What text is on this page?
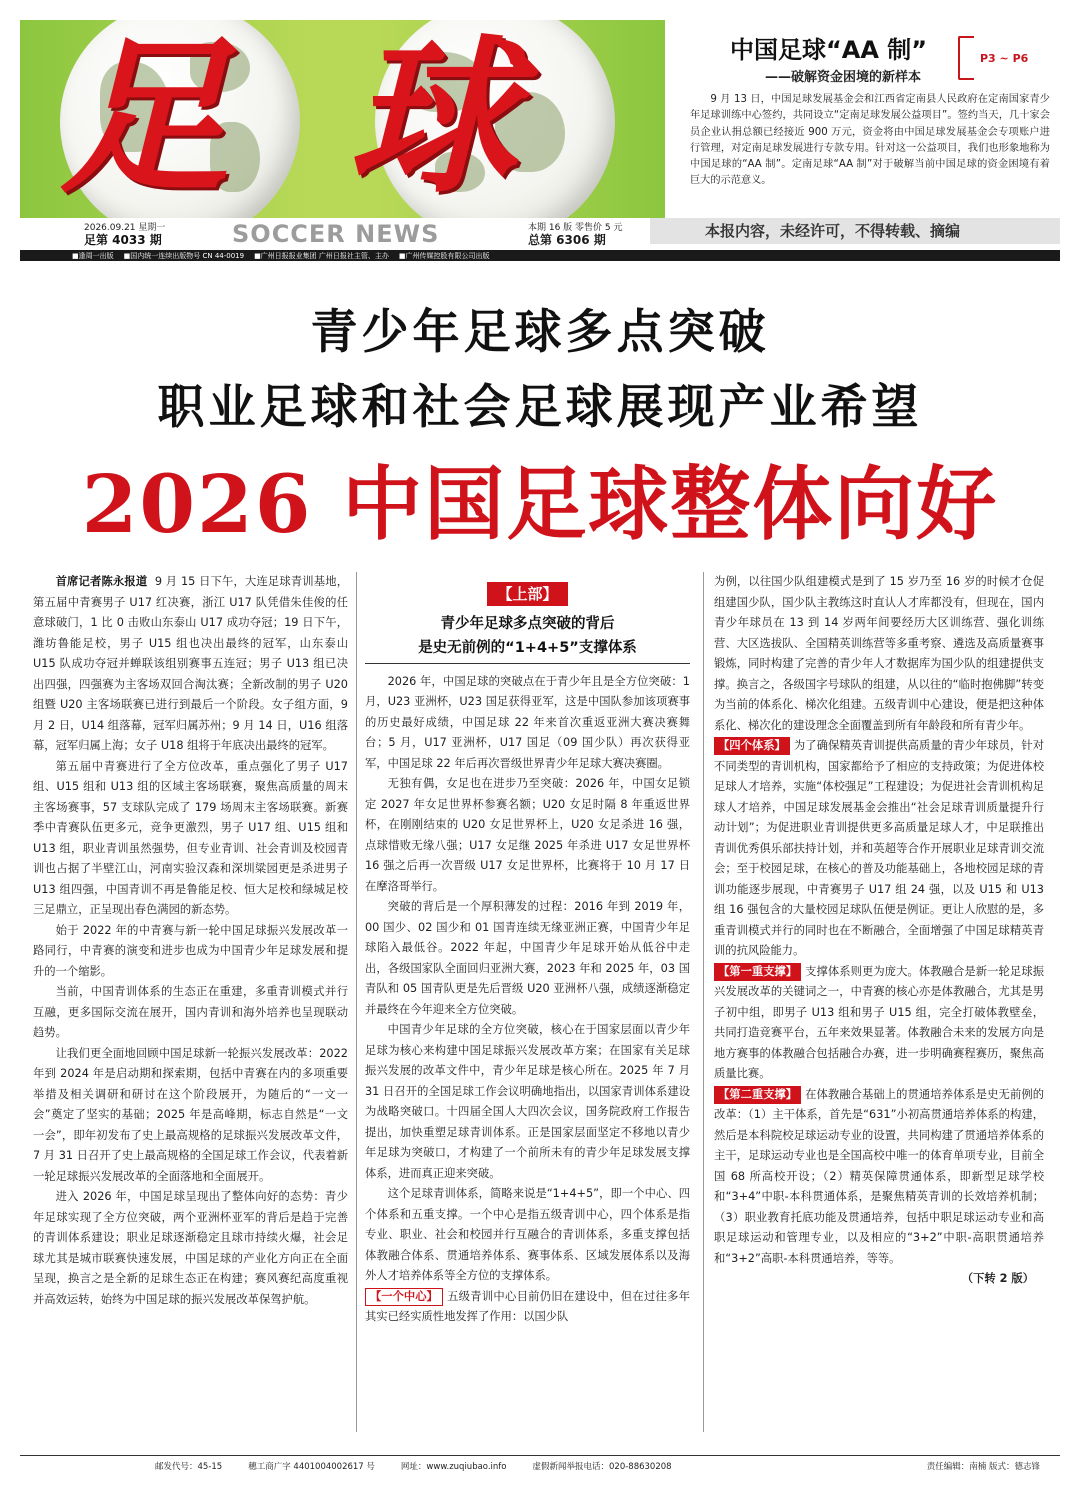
足球	中国足球“AA 制”	P3 ~ P6
——破解资金困境的新样本
9 月 13 日，中国足球发展基金会和江西省定南县人民政府在定南国家青少年足球训练中心签约，共同设立“定南足球发展公益项目”。签约当天，几十家会员企业认捐总额已经接近 900 万元，资金将由中国足球发展基金会专项账户进行管理，对定南足球发展进行专款专用。针对这一公益项目，我们也形象地称为中国足球的“AA 制”。定南足球“AA 制”对于破解当前中国足球的资金困境有着巨大的示范意义。
2026.09.21 星期一
足第 4033 期	SOCCER NEWS	本期 16 版 零售价 5 元
总第 6306 期	本报内容，未经许可，不得转载、摘编
■逢周一出版 ■国内统一连续出版物号 CN 44-0019 ■广州日报报业集团 广州日报社主管、主办 ■广州传媒控股有限公司出版
青少年足球多点突破
职业足球和社会足球展现产业希望
2026 中国足球整体向好

首席记者陈永报道 9 月 15 日下午，大连足球青训基地，第五届中青赛男子 U17 红决赛，浙江 U17 队凭借朱佳俊的任意球破门，1 比 0 击败山东泰山 U17 成功夺冠；19 日下午，潍坊鲁能足校，男子 U15 组也决出最终的冠军，山东泰山 U15 队成功夺冠并蝉联该组别赛事五连冠；男子 U13 组已决出四强，四强赛为主客场双回合淘汰赛；全新改制的男子 U20 组暨 U20 主客场联赛已进行到最后一个阶段。女子组方面，9 月 2 日，U14 组落幕，冠军归属苏州；9 月 14 日，U16 组落幕，冠军归属上海；女子 U18 组将于年底决出最终的冠军。

第五届中青赛进行了全方位改革，重点强化了男子 U17 组、U15 组和 U13 组的区域主客场联赛，聚焦高质量的周末主客场赛事，57 支球队完成了 179 场周末主客场联赛。新赛季中青赛队伍更多元，竞争更激烈，男子 U17 组、U15 组和 U13 组，职业青训虽然强势，但专业青训、社会青训及校园青训也占据了半壁江山，河南实验汉森和深圳粱园更是杀进男子 U13 组四强，中国青训不再是鲁能足校、恒大足校和绿城足校三足鼎立，正呈现出春色满园的新态势。

始于 2022 年的中青赛与新一轮中国足球振兴发展改革一路同行，中青赛的演变和进步也成为中国青少年足球发展和提升的一个缩影。

当前，中国青训体系的生态正在重建，多重青训模式并行互融，更多国际交流在展开，国内青训和海外培养也呈现联动趋势。

让我们更全面地回顾中国足球新一轮振兴发展改革：2022 年到 2024 年是启动期和探索期，包括中青赛在内的多项重要举措及相关调研和研讨在这个阶段展开，为随后的“一文一会”奠定了坚实的基础；2025 年是高峰期，标志自然是“一文一会”，即年初发布了史上最高规格的足球振兴发展改革文件，7 月 31 日召开了史上最高规格的全国足球工作会议，代表着新一轮足球振兴发展改革的全面落地和全面展开。

进入 2026 年，中国足球呈现出了整体向好的态势：青少年足球实现了全方位突破，两个亚洲杯亚军的背后是趋于完善的青训体系建设；职业足球逐渐稳定且球市持续火爆，社会足球尤其是城市联赛快速发展，中国足球的产业化方向正在全面呈现，换言之是全新的足球生态正在构建；赛风赛纪高度重视并高效运转，始终为中国足球的振兴发展改革保驾护航。

【上部】
青少年足球多点突破的背后
是史无前例的“1+4+5”支撑体系

2026 年，中国足球的突破点在于青少年且是全方位突破：1 月，U23 亚洲杯，U23 国足获得亚军，这是中国队参加该项赛事的历史最好成绩，中国足球 22 年来首次重返亚洲大赛决赛舞台；5 月，U17 亚洲杯，U17 国足（09 国少队）再次获得亚军，中国足球 22 年后再次晋级世界青少年足球大赛决赛圈。

无独有偶，女足也在进步乃至突破：2026 年，中国女足锁定 2027 年女足世界杯参赛名额；U20 女足时隔 8 年重返世界杯，在刚刚结束的 U20 女足世界杯上，U20 女足杀进 16 强，点球惜败无缘八强；U17 女足继 2025 年杀进 U17 女足世界杯 16 强之后再一次晋级 U17 女足世界杯，比赛将于 10 月 17 日在摩洛哥举行。

突破的背后是一个厚积薄发的过程：2016 年到 2019 年，00 国少、02 国少和 01 国青连续无缘亚洲正赛，中国青少年足球陷入最低谷。2022 年起，中国青少年足球开始从低谷中走出，各级国家队全面回归亚洲大赛，2023 年和 2025 年，03 国青队和 05 国青队更是先后晋级 U20 亚洲杯八强，成绩逐渐稳定并最终在今年迎来全方位突破。

中国青少年足球的全方位突破，核心在于国家层面以青少年足球为核心来构建中国足球振兴发展改革方案；在国家有关足球振兴发展的改革文件中，青少年足球是核心所在。2025 年 7 月 31 日召开的全国足球工作会议明确地指出，以国家青训体系建设为战略突破口。十四届全国人大四次会议，国务院政府工作报告提出，加快重塑足球青训体系。正是国家层面坚定不移地以青少年足球为突破口，才构建了一个前所未有的青少年足球发展支撑体系，进而真正迎来突破。

这个足球青训体系，简略来说是“1+4+5”，即一个中心、四个体系和五重支撑。一个中心是指五级青训中心，四个体系是指专业、职业、社会和校园并行互融合的青训体系，多重支撑包括体教融合体系、贯通培养体系、赛事体系、区域发展体系以及海外人才培养体系等全方位的支撑体系。

【一个中心】 五级青训中心目前仍旧在建设中，但在过往多年其实已经实质性地发挥了作用：以国少队

为例，以往国少队组建模式是到了 15 岁乃至 16 岁的时候才仓促组建国少队，国少队主教练这时直认人才库都没有，但现在，国内青少年球员在 13 到 14 岁两年间要经历大区训练营、强化训练营、大区选拔队、全国精英训练营等多重考察、遴选及高质量赛事锻炼，同时构建了完善的青少年人才数据库为国少队的组建提供支撑。换言之，各级国字号球队的组建，从以往的“临时抱佛脚”转变为当前的体系化、梯次化组建。五级青训中心建设，便是把这种体系化、梯次化的建设理念全面覆盖到所有年龄段和所有青少年。

【四个体系】 为了确保精英青训提供高质量的青少年球员，针对不同类型的青训机构，国家都给予了相应的支持政策；为促进体校足球人才培养，实施“体校强足”工程建设；为促进社会青训机构足球人才培养，中国足球发展基金会推出“社会足球青训质量提升行动计划”；为促进职业青训提供更多高质量足球人才，中足联推出青训优秀俱乐部扶持计划，并和英超等合作开展职业足球青训交流会；至于校园足球，在核心的普及功能基础上，各地校园足球的青训功能逐步展现，中青赛男子 U17 组 24 强，以及 U15 和 U13 组 16 强包含的大量校园足球队伍便是例证。更让人欣慰的是，多重青训模式并行的同时也在不断融合，全面增强了中国足球精英青训的抗风险能力。

【第一重支撑】 支撑体系则更为庞大。体教融合是新一轮足球振兴发展改革的关键词之一，中青赛的核心亦是体教融合，尤其是男子初中组，即男子 U13 组和男子 U15 组，完全打破体教壁垒，共同打造竞赛平台，五年来效果显著。体教融合未来的发展方向是地方赛事的体教融合包括融合办赛，进一步明确赛程赛历，聚焦高质量比赛。

【第二重支撑】 在体教融合基础上的贯通培养体系是史无前例的改革：（1）主干体系，首先是“631”小初高贯通培养体系的构建，然后是本科院校足球运动专业的设置，共同构建了贯通培养体系的主干，足球运动专业也是全国高校中唯一的体育单项专业，目前全国 68 所高校开设；（2）精英保障贯通体系，即新型足球学校和“3+4”中职-本科贯通体系，是聚焦精英青训的长效培养机制；（3）职业教育托底功能及贯通培养，包括中职足球运动专业和高职足球运动和管理专业，以及相应的“3+2”中职-高职贯通培养和“3+2”高职-本科贯通培养，等等。

（下转 2 版）
邮发代号：45-15	穗工商广字 4401004002617 号	网址：www.zuqiubao.info	虚假新闻举报电话：020-88630208	责任编辑：南楠 版式：德志锋
